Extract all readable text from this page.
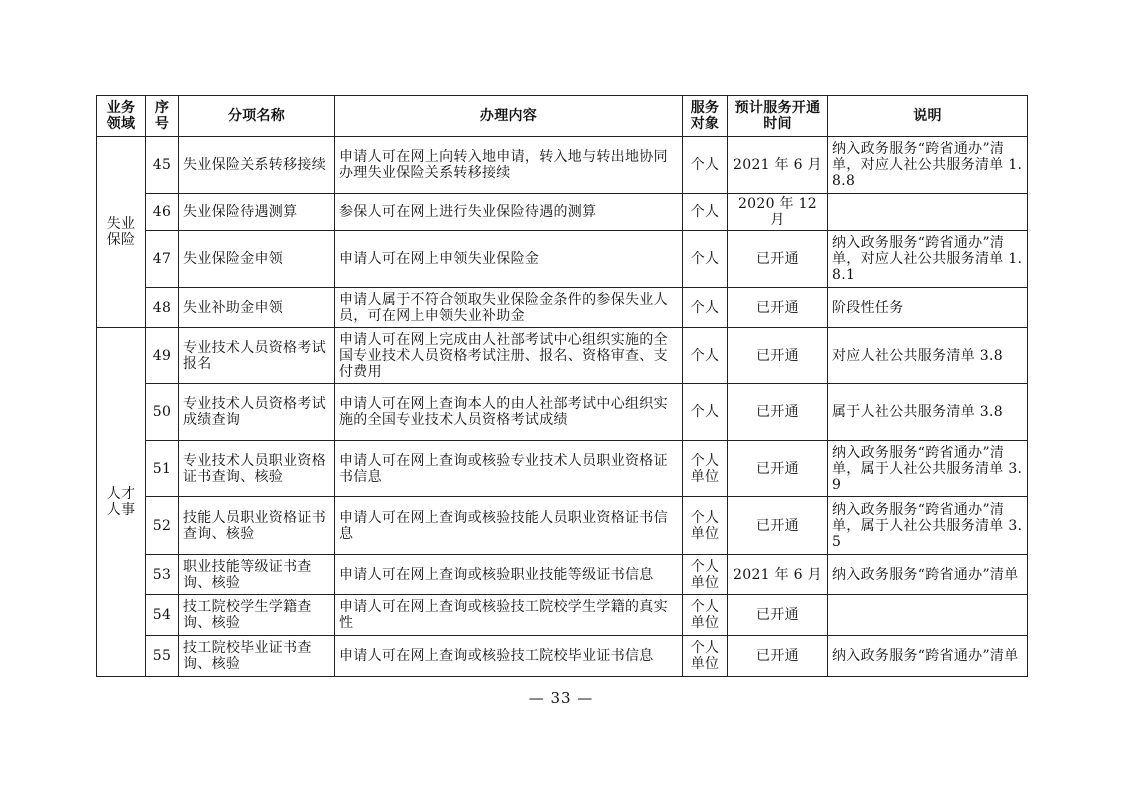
业务领域	序号	分项名称	办理内容	服务对象	预计服务开通时间	说明
失业保险	45	失业保险关系转移接续	申请人可在网上向转入地申请，转入地与转出地协同办理失业保险关系转移接续	个人	2021 年 6 月	纳入政务服务“跨省通办”清单，对应人社公共服务清单 1.8.8
	46	失业保险待遇测算	参保人可在网上进行失业保险待遇的测算	个人	2020 年 12 月	
	47	失业保险金申领	申请人可在网上申领失业保险金	个人	已开通	纳入政务服务“跨省通办”清单，对应人社公共服务清单 1.8.1
	48	失业补助金申领	申请人属于不符合领取失业保险金条件的参保失业人员，可在网上申领失业补助金	个人	已开通	阶段性任务
人才人事	49	专业技术人员资格考试报名	申请人可在网上完成由人社部考试中心组织实施的全国专业技术人员资格考试注册、报名、资格审查、支付费用	个人	已开通	对应人社公共服务清单 3.8
	50	专业技术人员资格考试成绩查询	申请人可在网上查询本人的由人社部考试中心组织实施的全国专业技术人员资格考试成绩	个人	已开通	属于人社公共服务清单 3.8
	51	专业技术人员职业资格证书查询、核验	申请人可在网上查询或核验专业技术人员职业资格证书信息	个人单位	已开通	纳入政务服务“跨省通办”清单，属于人社公共服务清单 3.9
	52	技能人员职业资格证书查询、核验	申请人可在网上查询或核验技能人员职业资格证书信息	个人单位	已开通	纳入政务服务“跨省通办”清单，属于人社公共服务清单 3.5
	53	职业技能等级证书查询、核验	申请人可在网上查询或核验职业技能等级证书信息	个人单位	2021 年 6 月	纳入政务服务“跨省通办”清单
	54	技工院校学生学籍查询、核验	申请人可在网上查询或核验技工院校学生学籍的真实性	个人单位	已开通	
	55	技工院校毕业证书查询、核验	申请人可在网上查询或核验技工院校毕业证书信息	个人单位	已开通	纳入政务服务“跨省通办”清单
— 33 —
